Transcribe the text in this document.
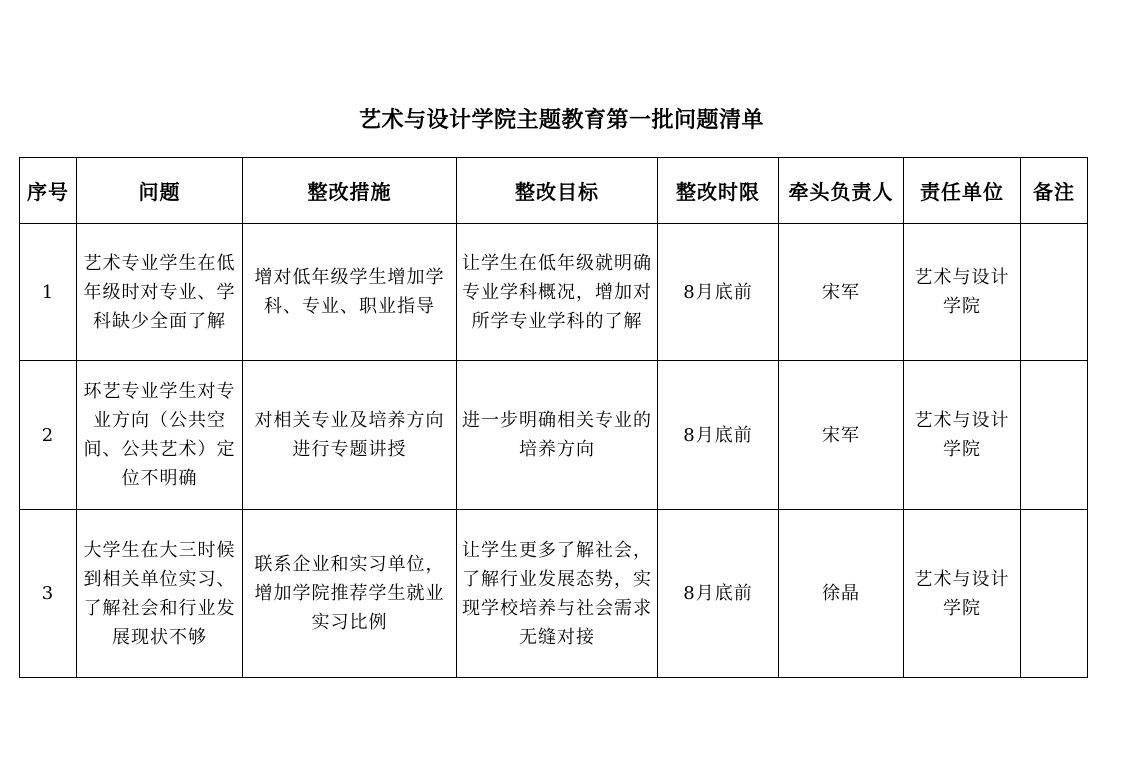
艺术与设计学院主题教育第一批问题清单
序号	问题	整改措施	整改目标	整改时限	牵头负责人	责任单位	备注
1	艺术专业学生在低年级时对专业、学科缺少全面了解	增对低年级学生增加学科、专业、职业指导	让学生在低年级就明确专业学科概况，增加对所学专业学科的了解	8月底前	宋军	艺术与设计学院	
2	环艺专业学生对专业方向（公共空间、公共艺术）定位不明确	对相关专业及培养方向进行专题讲授	进一步明确相关专业的培养方向	8月底前	宋军	艺术与设计学院	
3	大学生在大三时候到相关单位实习、了解社会和行业发展现状不够	联系企业和实习单位，增加学院推荐学生就业实习比例	让学生更多了解社会，了解行业发展态势，实现学校培养与社会需求无缝对接	8月底前	徐晶	艺术与设计学院	
